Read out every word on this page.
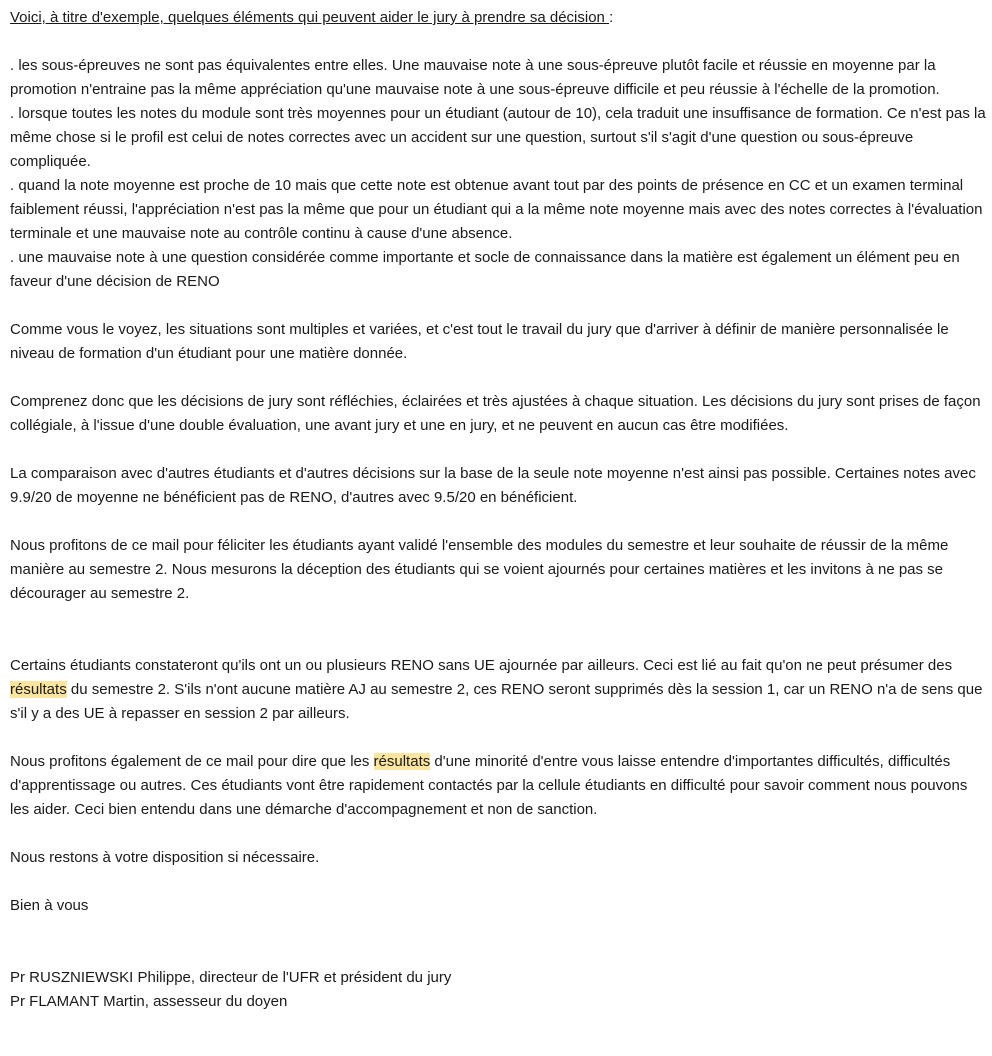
Voici, à titre d'exemple, quelques éléments qui peuvent aider le jury à prendre sa décision :

. les sous-épreuves ne sont pas équivalentes entre elles. Une mauvaise note à une sous-épreuve plutôt facile et réussie en moyenne par la promotion n'entraine pas la même appréciation qu'une mauvaise note à une sous-épreuve difficile et peu réussie à l'échelle de la promotion.

. lorsque toutes les notes du module sont très moyennes pour un étudiant (autour de 10), cela traduit une insuffisance de formation. Ce n'est pas la même chose si le profil est celui de notes correctes avec un accident sur une question, surtout s'il s'agit d'une question ou sous-épreuve compliquée.

. quand la note moyenne est proche de 10 mais que cette note est obtenue avant tout par des points de présence en CC et un examen terminal faiblement réussi, l'appréciation n'est pas la même que pour un étudiant qui a la même note moyenne mais avec des notes correctes à l'évaluation terminale et une mauvaise note au contrôle continu à cause d'une absence.

. une mauvaise note à une question considérée comme importante et socle de connaissance dans la matière est également un élément peu en faveur d'une décision de RENO

Comme vous le voyez, les situations sont multiples et variées, et c'est tout le travail du jury que d'arriver à définir de manière personnalisée le niveau de formation d'un étudiant pour une matière donnée.

Comprenez donc que les décisions de jury sont réfléchies, éclairées et très ajustées à chaque situation. Les décisions du jury sont prises de façon collégiale, à l'issue d'une double évaluation, une avant jury et une en jury, et ne peuvent en aucun cas être modifiées.

La comparaison avec d'autres étudiants et d'autres décisions sur la base de la seule note moyenne n'est ainsi pas possible. Certaines notes avec 9.9/20 de moyenne ne bénéficient pas de RENO, d'autres avec 9.5/20 en bénéficient.

Nous profitons de ce mail pour féliciter les étudiants ayant validé l'ensemble des modules du semestre et leur souhaite de réussir de la même manière au semestre 2. Nous mesurons la déception des étudiants qui se voient ajournés pour certaines matières et les invitons à ne pas se décourager au semestre 2.

Certains étudiants constateront qu'ils ont un ou plusieurs RENO sans UE ajournée par ailleurs. Ceci est lié au fait qu'on ne peut présumer des résultats du semestre 2. S'ils n'ont aucune matière AJ au semestre 2, ces RENO seront supprimés dès la session 1, car un RENO n'a de sens que s'il y a des UE à repasser en session 2 par ailleurs.

Nous profitons également de ce mail pour dire que les résultats d'une minorité d'entre vous laisse entendre d'importantes difficultés, difficultés d'apprentissage ou autres. Ces étudiants vont être rapidement contactés par la cellule étudiants en difficulté pour savoir comment nous pouvons les aider. Ceci bien entendu dans une démarche d'accompagnement et non de sanction.

Nous restons à votre disposition si nécessaire.

Bien à vous

Pr RUSZNIEWSKI Philippe, directeur de l'UFR et président du jury

Pr FLAMANT Martin, assesseur du doyen
